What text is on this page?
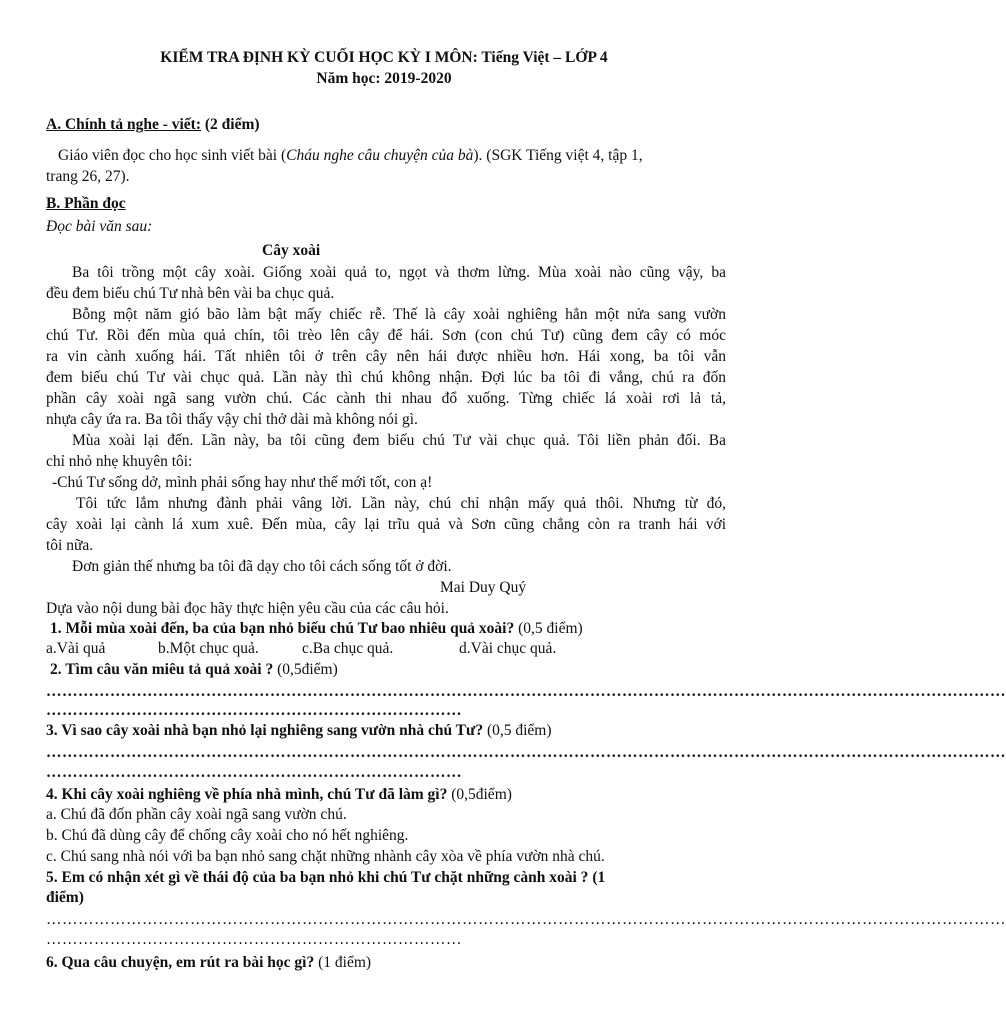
KIỂM TRA ĐỊNH KỲ CUỐI HỌC KỲ I MÔN: Tiếng Việt – LỚP 4
Năm học: 2019-2020
A. Chính tả nghe - viết: (2 điểm)
Giáo viên đọc cho học sinh viết bài (Cháu nghe câu chuyện của bà). (SGK Tiếng việt 4, tập 1,
trang 26, 27).
B. Phần đọc
Đọc bài văn sau:
Cây xoài
Ba tôi trồng một cây xoài. Giống xoài quả to, ngọt và thơm lừng. Mùa xoài nào cũng vậy, ba
đều đem biếu chú Tư nhà bên vài ba chục quả.
Bỗng một năm gió bão làm bật mấy chiếc rễ. Thế là cây xoài nghiêng hẳn một nửa sang vườn
chú Tư. Rồi đến mùa quả chín, tôi trèo lên cây để hái. Sơn (con chú Tư) cũng đem cây có móc
ra vin cành xuống hái. Tất nhiên tôi ở trên cây nên hái được nhiều hơn. Hái xong, ba tôi vẫn
đem biếu chú Tư vài chục quả. Lần này thì chú không nhận. Đợi lúc ba tôi đi vắng, chú ra đốn
phần cây xoài ngã sang vườn chú. Các cành thi nhau đổ xuống. Từng chiếc lá xoài rơi lả tả,
nhựa cây ứa ra. Ba tôi thấy vậy chỉ thở dài mà không nói gì.
Mùa xoài lại đến. Lần này, ba tôi cũng đem biếu chú Tư vài chục quả. Tôi liền phản đối. Ba
chỉ nhỏ nhẹ khuyên tôi:
-Chú Tư sống dở, mình phải sống hay như thế mới tốt, con ạ!
Tôi tức lắm nhưng đành phải vâng lời. Lần này, chú chỉ nhận mấy quả thôi. Nhưng từ đó,
cây xoài lại cành lá xum xuê. Đến mùa, cây lại trĩu quả và Sơn cũng chẳng còn ra tranh hái với
tôi nữa.
Đơn giản thế nhưng ba tôi đã dạy cho tôi cách sống tốt ở đời.
Mai Duy Quý
Dựa vào nội dung bài đọc hãy thực hiện yêu cầu của các câu hỏi.
1. Mỗi mùa xoài đến, ba của bạn nhỏ biếu chú Tư bao nhiêu quả xoài? (0,5 điểm)
a.Vài quả	b.Một chục quả.	c.Ba chục quả.	d.Vài chục quả.
2. Tìm câu văn miêu tả quả xoài ? (0,5điểm)
………………………………………………………………………………………………………………………………………………………………
……………………………………………………………………
3. Vì sao cây xoài nhà bạn nhỏ lại nghiêng sang vườn nhà chú Tư? (0,5 điểm)
………………………………………………………………………………………………………………………………………………………………
……………………………………………………………………
4. Khi cây xoài nghiêng về phía nhà mình, chú Tư đã làm gì? (0,5điểm)
a. Chú đã đốn phần cây xoài ngã sang vườn chú.
b. Chú đã dùng cây để chống cây xoài cho nó hết nghiêng.
c. Chú sang nhà nói với ba bạn nhỏ sang chặt những nhành cây xòa về phía vườn nhà chú.
5. Em có nhận xét gì về thái độ của ba bạn nhỏ khi chú Tư chặt những cành xoài ? (1
điểm)
………………………………………………………………………………………………………………………………………………………………
……………………………………………………………………
6. Qua câu chuyện, em rút ra bài học gì? (1 điểm)
